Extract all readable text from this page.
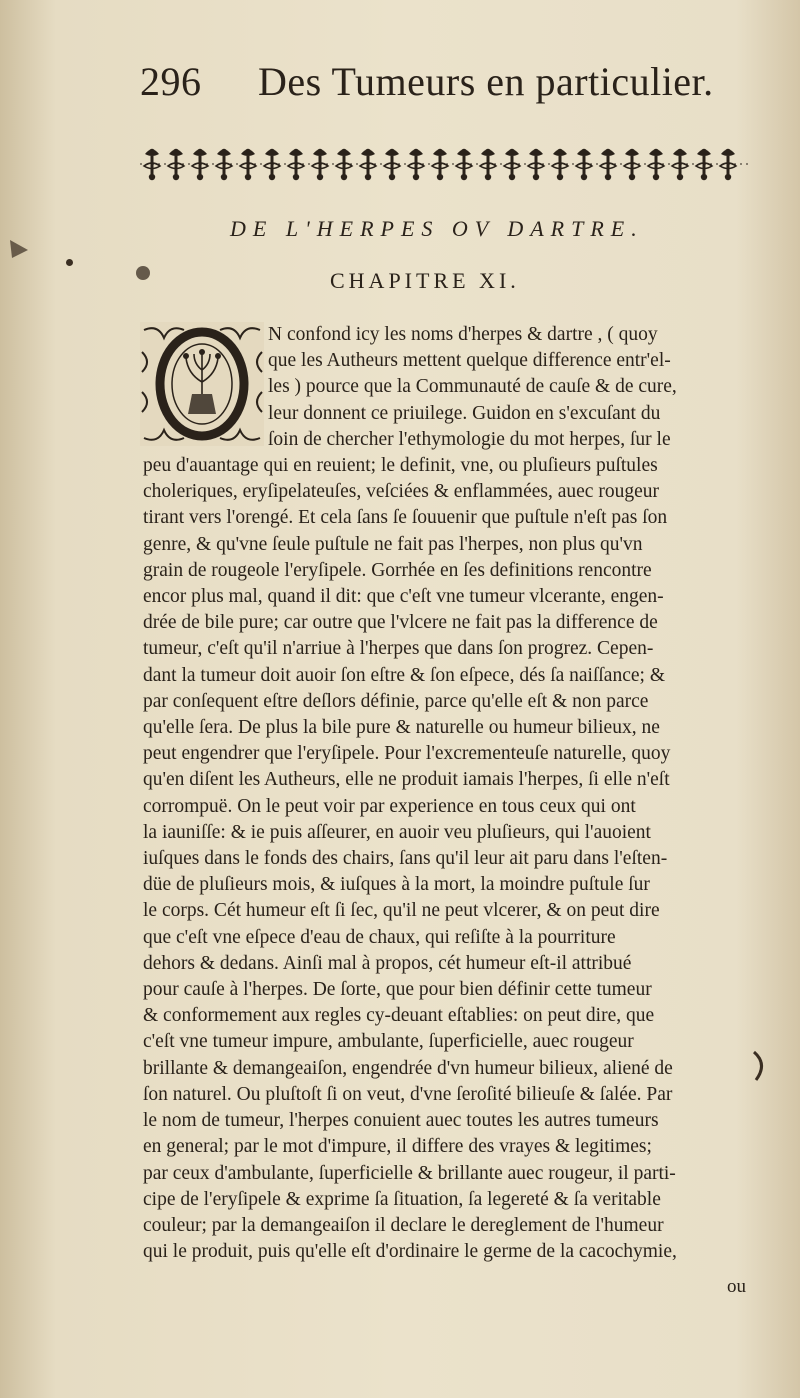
296 Des Tumeurs en particulier.
DE L'HERPES OV DARTRE.
CHAPITRE XI.
N confond icy les noms d'herpes & dartre , ( quoy
que les Autheurs mettent quelque difference entr'el-
les ) pource que la Communauté de cauſe & de cure,
leur donnent ce priuilege. Guidon en s'excuſant du
ſoin de chercher l'ethymologie du mot herpes, ſur le
peu d'auantage qui en reuient; le definit, vne, ou pluſieurs puſtules
choleriques, eryſipelateuſes, veſciées & enflammées, auec rougeur
tirant vers l'orengé. Et cela ſans ſe ſouuenir que puſtule n'eſt pas ſon
genre, & qu'vne ſeule puſtule ne fait pas l'herpes, non plus qu'vn
grain de rougeole l'eryſipele. Gorrhée en ſes definitions rencontre
encor plus mal, quand il dit: que c'eſt vne tumeur vlcerante, engen-
drée de bile pure; car outre que l'vlcere ne fait pas la difference de
tumeur, c'eſt qu'il n'arriue à l'herpes que dans ſon progrez. Cepen-
dant la tumeur doit auoir ſon eſtre & ſon eſpece, dés ſa naiſſance; &
par conſequent eſtre deſlors définie, parce qu'elle eſt & non parce
qu'elle ſera. De plus la bile pure & naturelle ou humeur bilieux, ne
peut engendrer que l'eryſipele. Pour l'excrementeuſe naturelle, quoy
qu'en diſent les Autheurs, elle ne produit iamais l'herpes, ſi elle n'eſt
corrompuë. On le peut voir par experience en tous ceux qui ont
la iauniſſe: & ie puis aſſeurer, en auoir veu pluſieurs, qui l'auoient
iuſques dans le fonds des chairs, ſans qu'il leur ait paru dans l'eſten-
düe de pluſieurs mois, & iuſques à la mort, la moindre puſtule ſur
le corps. Cét humeur eſt ſi ſec, qu'il ne peut vlcerer, & on peut dire
que c'eſt vne eſpece d'eau de chaux, qui reſiſte à la pourriture
dehors & dedans. Ainſi mal à propos, cét humeur eſt-il attribué
pour cauſe à l'herpes. De ſorte, que pour bien définir cette tumeur
& conformement aux regles cy-deuant eſtablies: on peut dire, que
c'eſt vne tumeur impure, ambulante, ſuperficielle, auec rougeur
brillante & demangeaiſon, engendrée d'vn humeur bilieux, aliené de
ſon naturel. Ou pluſtoſt ſi on veut, d'vne ſeroſité bilieuſe & ſalée. Par
le nom de tumeur, l'herpes conuient auec toutes les autres tumeurs
en general; par le mot d'impure, il differe des vrayes & legitimes;
par ceux d'ambulante, ſuperficielle & brillante auec rougeur, il parti-
cipe de l'eryſipele & exprime ſa ſituation, ſa legereté & ſa veritable
couleur; par la demangeaiſon il declare le dereglement de l'humeur
qui le produit, puis qu'elle eſt d'ordinaire le germe de la cacochymie,
ou
